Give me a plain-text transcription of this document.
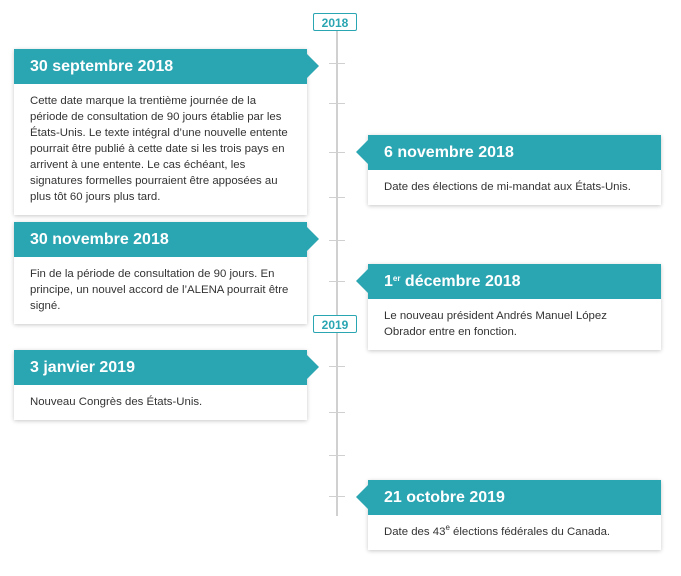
2018
2019
30 septembre 2018
Cette date marque la trentième journée de la période de consultation de 90 jours établie par les États-Unis. Le texte intégral d’une nouvelle entente pourrait être publié à cette date si les trois pays en arrivent à une entente. Le cas échéant, les signatures formelles pourraient être apposées au plus tôt 60 jours plus tard.
6 novembre 2018
Date des élections de mi-mandat aux États-Unis.
30 novembre 2018
Fin de la période de consultation de 90 jours. En principe, un nouvel accord de l’ALENA pourrait être signé.
1er décembre 2018
Le nouveau président Andrés Manuel López Obrador entre en fonction.
3 janvier 2019
Nouveau Congrès des États-Unis.
21 octobre 2019
Date des 43e élections fédérales du Canada.
